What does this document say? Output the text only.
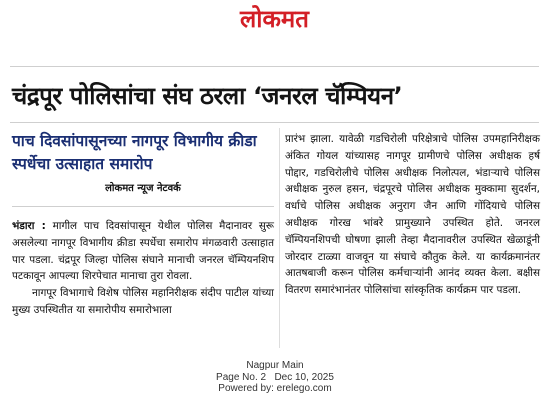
लोकमत
चंद्रपूर पोलिसांचा संघ ठरला ‘जनरल चॅम्पियन’
पाच दिवसांपासूनच्या नागपूर विभागीय क्रीडा स्पर्धेचा उत्साहात समारोप
लोकमत न्यूज नेटवर्क

भंडारा : मागील पाच दिवसांपासून येथील पोलिस मैदानावर सुरू असलेल्या नागपूर विभागीय क्रीडा स्पर्धेचा समारोप मंगळवारी उत्साहात पार पडला. चंद्रपूर जिल्हा पोलिस संघाने मानाची जनरल चॅम्पियनशिप पटकावून आपल्या शिरपेचात मानाचा तुरा रोवला.

नागपूर विभागाचे विशेष पोलिस महानिरीक्षक संदीप पाटील यांच्या मुख्य उपस्थितीत या समारोपीय समारोभाला

प्रारंभ झाला. यावेळी गडचिरोली परिक्षेत्राचे पोलिस उपमहानिरीक्षक अंकित गोयल यांच्यासह नागपूर ग्रामीणचे पोलिस अधीक्षक हर्ष पोद्दार, गडचिरोलीचे पोलिस अधीक्षक निलोत्पल, भंडाऱ्याचे पोलिस अधीक्षक नुरुल हसन, चंद्रपूरचे पोलिस अधीक्षक मुक्कामा सुदर्शन, वर्धाचे पोलिस अधीक्षक अनुराग जैन आणि गोंदियाचे पोलिस अधीक्षक गोरख भांबरे प्रामुख्याने उपस्थित होते. जनरल चॅम्पियनशिपची घोषणा झाली तेव्हा मैदानावरील उपस्थित खेळाडूंनी जोरदार टाळ्या वाजवून या संघाचे कौतुक केले. या कार्यक्रमानंतर आतषबाजी करून पोलिस कर्मचाऱ्यांनी आनंद व्यक्त केला. बक्षीस वितरण समारंभानंतर पोलिसांचा सांस्कृतिक कार्यक्रम पार पडला.

Nagpur Main
Page No. 2 Dec 10, 2025
Powered by: erelego.com
